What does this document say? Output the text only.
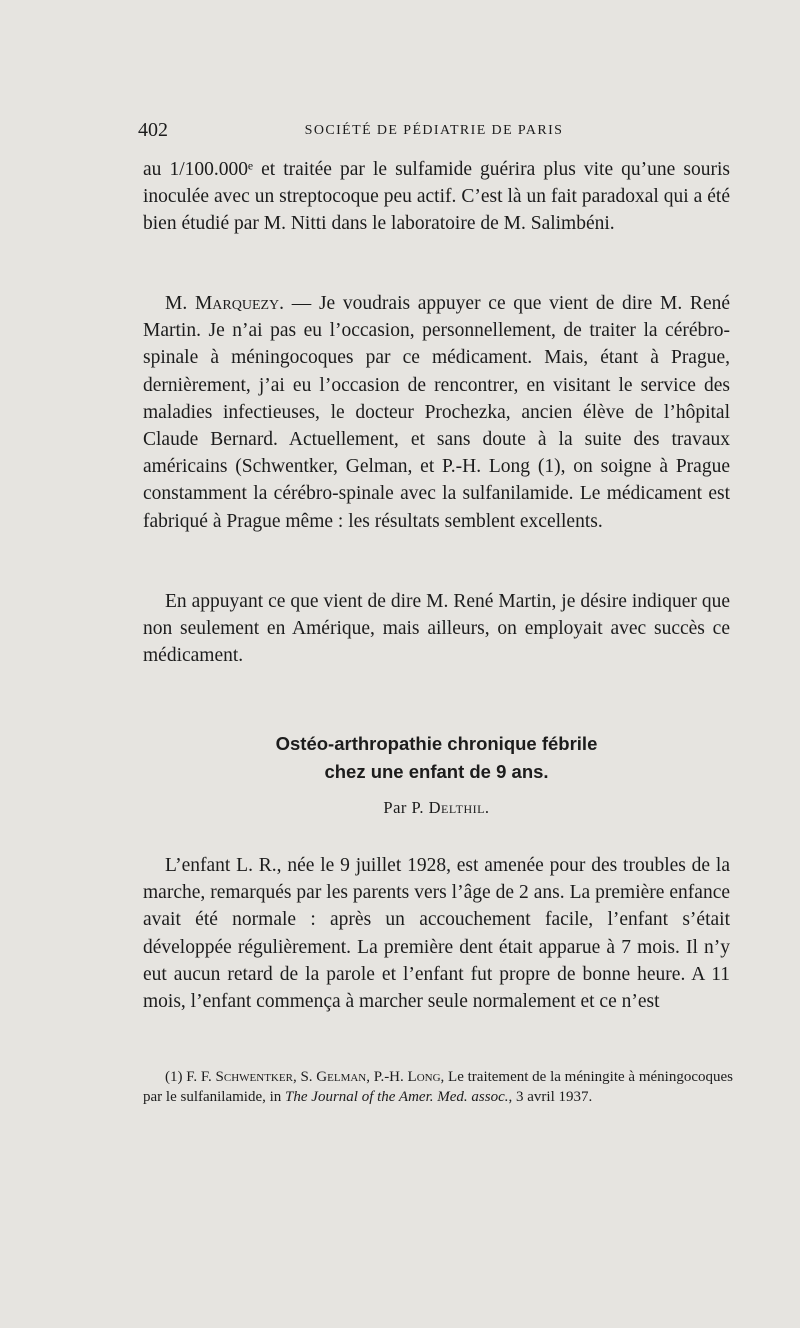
402	SOCIÉTÉ DE PÉDIATRIE DE PARIS

au 1/100.000ᵉ et traitée par le sulfamide guérira plus vite qu’une souris inoculée avec un streptocoque peu actif. C’est là un fait paradoxal qui a été bien étudié par M. Nitti dans le laboratoire de M. Salimbéni.

M. Marquezy. — Je voudrais appuyer ce que vient de dire M. René Martin. Je n’ai pas eu l’occasion, personnellement, de traiter la cérébro-spinale à méningocoques par ce médicament. Mais, étant à Prague, dernièrement, j’ai eu l’occasion de rencontrer, en visitant le service des maladies infectieuses, le docteur Prochezka, ancien élève de l’hôpital Claude Bernard. Actuellement, et sans doute à la suite des travaux américains (Schwentker, Gelman, et P.-H. Long (1), on soigne à Prague constamment la cérébro-spinale avec la sulfanilamide. Le médicament est fabriqué à Prague même : les résultats semblent excellents.

En appuyant ce que vient de dire M. René Martin, je désire indiquer que non seulement en Amérique, mais ailleurs, on employait avec succès ce médicament.

Ostéo-arthropathie chronique fébrile
chez une enfant de 9 ans.
Par P. Delthil.

L’enfant L. R., née le 9 juillet 1928, est amenée pour des troubles de la marche, remarqués par les parents vers l’âge de 2 ans. La première enfance avait été normale : après un accouchement facile, l’enfant s’était développée régulièrement. La première dent était apparue à 7 mois. Il n’y eut aucun retard de la parole et l’enfant fut propre de bonne heure. A 11 mois, l’enfant commença à marcher seule normalement et ce n’est

(1) F. F. Schwentker, S. Gelman, P.-H. Long, Le traitement de la méningite à méningocoques par le sulfanilamide, in The Journal of the Amer. Med. assoc., 3 avril 1937.
